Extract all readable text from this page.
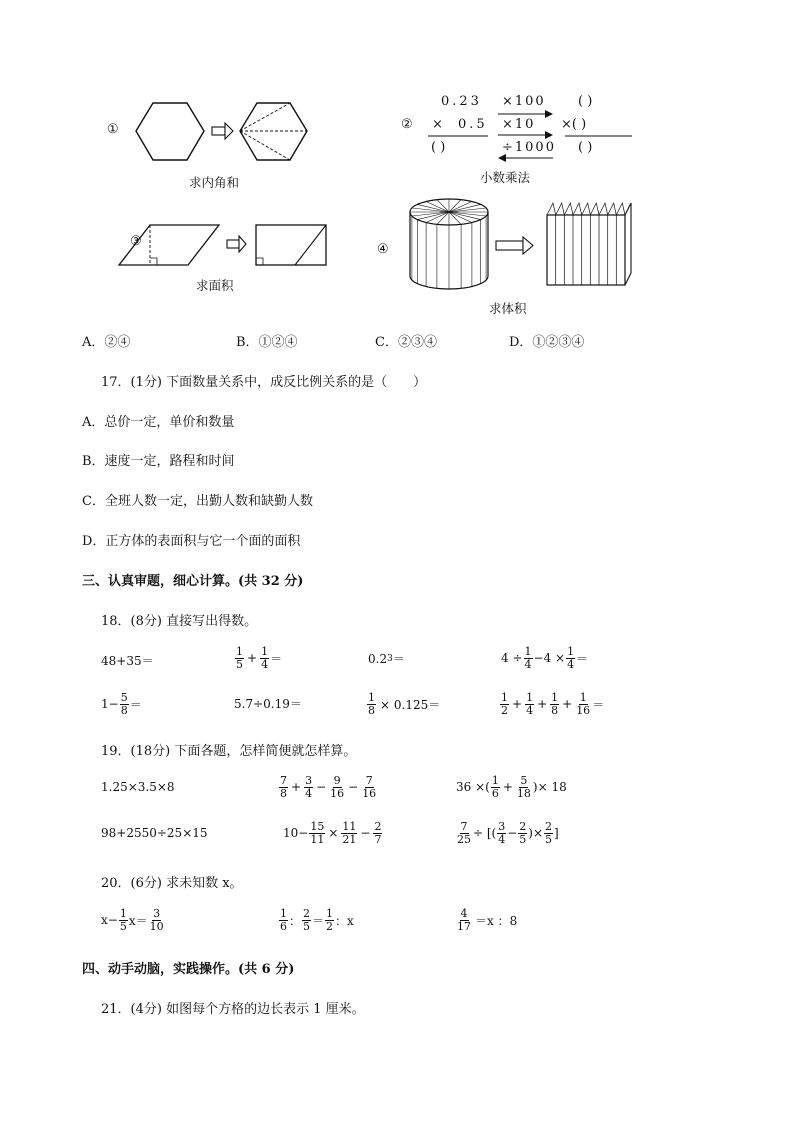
①
求内角和
②
0.23
× 0.5
( )
×100
×10
÷1000
( )
×( )
( )
小数乘法
③
求面积
④
求体积
A．②④	B．①②④	C．②③④	D．①②③④
17．(1分) 下面数量关系中，成反比例关系的是（　　）
A．总价一定，单价和数量
B．速度一定，路程和时间
C．全班人数一定，出勤人数和缺勤人数
D．正方体的表面积与它一个面的面积
三、认真审题，细心计算。(共 32 分)
18．(8分) 直接写出得数。
48+35＝	$\frac{1}{5} + \frac{1}{4}$ ＝	0.2 3 ＝	$4 \div \frac{1}{4} -4 \times \frac{1}{4}$ ＝
$1- \frac{5}{8}$ ＝	5.7÷0.19＝	$\frac{1}{8} \times 0.125=$	$\frac{1}{2} + \frac{1}{4} + \frac{1}{8} + \frac{1}{16}$ ＝
19．(18分) 下面各题，怎样简便就怎样算。
1.25×3.5×8	$\frac{7}{8} + \frac{3}{4} - \frac{9}{16} - \frac{7}{16}$	36 ×( $\frac{1}{6} + \frac{5}{18}$ )× 18
98+2550÷25×15	$10- \frac{15}{11} \times \frac{11}{21} - \frac{2}{7}$	$\frac{7}{25}$ ÷ [( $\frac{3}{4} - \frac{2}{5}$ )× $\frac{2}{5}$ ]
20．(6分) 求未知数 x。
$x- \frac{1}{5} x= \frac{3}{10}$	$\frac{1}{6}$ ： $\frac{2}{5} = \frac{1}{2}$ ：x	$\frac{4}{17} =x$ ：8
四、动手动脑，实践操作。(共 6 分)
21．(4分) 如图每个方格的边长表示 1 厘米。
